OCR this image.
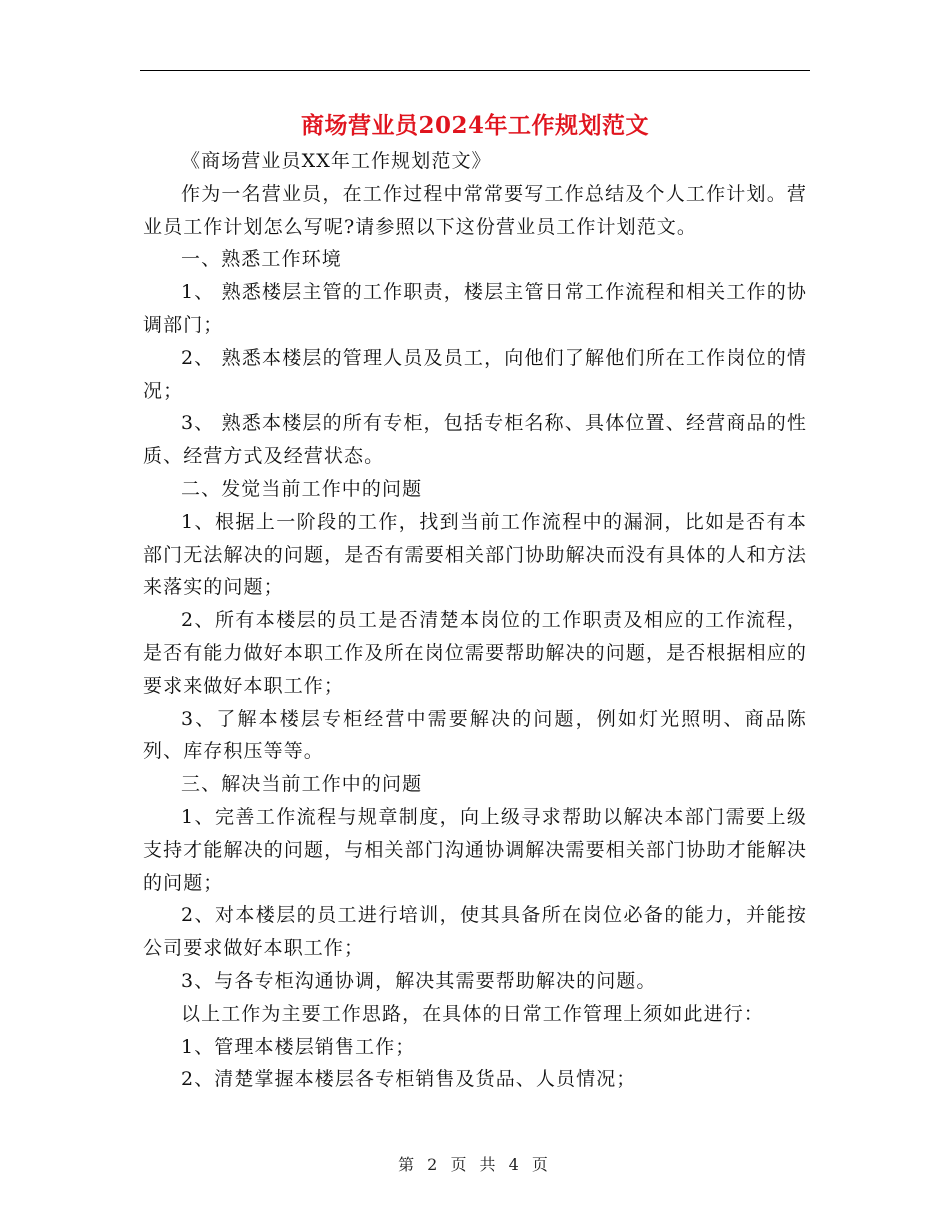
商场营业员2024年工作规划范文

《商场营业员XX年工作规划范文》

作为一名营业员，在工作过程中常常要写工作总结及个人工作计划。营业员工作计划怎么写呢?请参照以下这份营业员工作计划范文。

一、熟悉工作环境

1、 熟悉楼层主管的工作职责，楼层主管日常工作流程和相关工作的协调部门；

2、 熟悉本楼层的管理人员及员工，向他们了解他们所在工作岗位的情况；

3、 熟悉本楼层的所有专柜，包括专柜名称、具体位置、经营商品的性质、经营方式及经营状态。

二、发觉当前工作中的问题

1、根据上一阶段的工作，找到当前工作流程中的漏洞，比如是否有本部门无法解决的问题，是否有需要相关部门协助解决而没有具体的人和方法来落实的问题；

2、所有本楼层的员工是否清楚本岗位的工作职责及相应的工作流程，是否有能力做好本职工作及所在岗位需要帮助解决的问题，是否根据相应的要求来做好本职工作；

3、了解本楼层专柜经营中需要解决的问题，例如灯光照明、商品陈列、库存积压等等。

三、解决当前工作中的问题

1、完善工作流程与规章制度，向上级寻求帮助以解决本部门需要上级支持才能解决的问题，与相关部门沟通协调解决需要相关部门协助才能解决的问题；

2、对本楼层的员工进行培训，使其具备所在岗位必备的能力，并能按公司要求做好本职工作；

3、与各专柜沟通协调，解决其需要帮助解决的问题。

以上工作为主要工作思路，在具体的日常工作管理上须如此进行：

1、管理本楼层销售工作；

2、清楚掌握本楼层各专柜销售及货品、人员情况；

第 2 页 共 4 页
